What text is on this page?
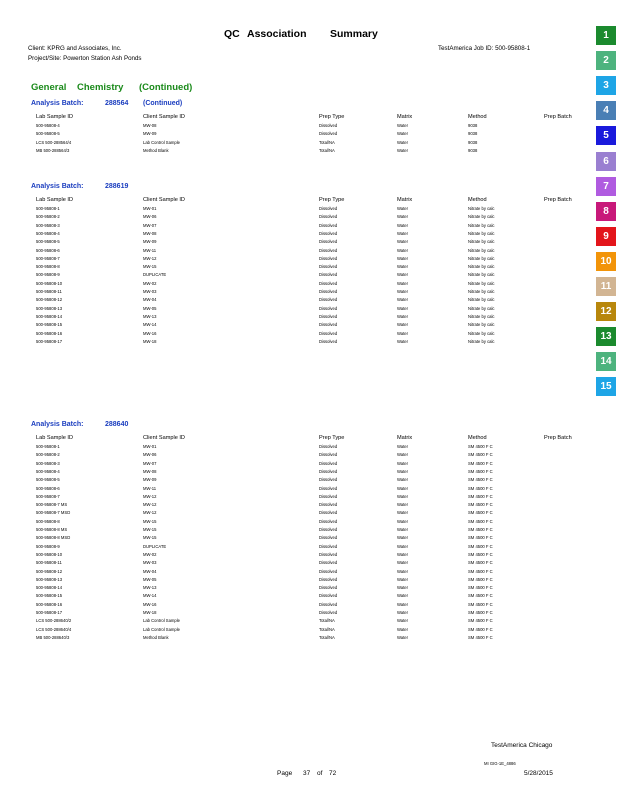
QC Association Summary
Client: KPRG and Associates, Inc.
Project/Site: Powerton Station Ash Ponds
TestAmerica Job ID: 500-95808-1
General Chemistry (Continued)
Analysis Batch:	288564 (Continued)
Lab Sample ID	Client Sample ID	Prep Type	Matrix	Method	Prep Batch
500-95808-4	MW-08	Dissolved	Water	9038
500-95808-5	MW-09	Dissolved	Water	9038
LCS 500-288564/4	Lab Control Sample	Total/NA	Water	9038
MB 500-288564/3	Method Blank	Total/NA	Water	9038
Analysis Batch:	288619
Lab Sample ID	Client Sample ID	Prep Type	Matrix	Method	Prep Batch
500-95808-1	MW-01	Dissolved	Water	Nitrate by calc
500-95808-2	MW-06	Dissolved	Water	Nitrate by calc
500-95808-3	MW-07	Dissolved	Water	Nitrate by calc
500-95808-4	MW-08	Dissolved	Water	Nitrate by calc
500-95808-5	MW-09	Dissolved	Water	Nitrate by calc
500-95808-6	MW-11	Dissolved	Water	Nitrate by calc
500-95808-7	MW-12	Dissolved	Water	Nitrate by calc
500-95808-8	MW-15	Dissolved	Water	Nitrate by calc
500-95808-9	DUPLICATE	Dissolved	Water	Nitrate by calc
500-95808-10	MW-02	Dissolved	Water	Nitrate by calc
500-95808-11	MW-03	Dissolved	Water	Nitrate by calc
500-95808-12	MW-04	Dissolved	Water	Nitrate by calc
500-95808-13	MW-05	Dissolved	Water	Nitrate by calc
500-95808-14	MW-13	Dissolved	Water	Nitrate by calc
500-95808-15	MW-14	Dissolved	Water	Nitrate by calc
500-95808-16	MW-16	Dissolved	Water	Nitrate by calc
500-95808-17	MW-18	Dissolved	Water	Nitrate by calc
Analysis Batch:	288640
Lab Sample ID	Client Sample ID	Prep Type	Matrix	Method	Prep Batch
500-95808-1	MW-01	Dissolved	Water	SM 4500 F C
500-95808-2	MW-06	Dissolved	Water	SM 4500 F C
500-95808-3	MW-07	Dissolved	Water	SM 4500 F C
500-95808-4	MW-08	Dissolved	Water	SM 4500 F C
500-95808-5	MW-09	Dissolved	Water	SM 4500 F C
500-95808-6	MW-11	Dissolved	Water	SM 4500 F C
500-95808-7	MW-12	Dissolved	Water	SM 4500 F C
500-95808-7 MS	MW-12	Dissolved	Water	SM 4500 F C
500-95808-7 MSD	MW-12	Dissolved	Water	SM 4500 F C
500-95808-8	MW-15	Dissolved	Water	SM 4500 F C
500-95808-8 MS	MW-15	Dissolved	Water	SM 4500 F C
500-95808-8 MSD	MW-15	Dissolved	Water	SM 4500 F C
500-95808-9	DUPLICATE	Dissolved	Water	SM 4500 F C
500-95808-10	MW-02	Dissolved	Water	SM 4500 F C
500-95808-11	MW-03	Dissolved	Water	SM 4500 F C
500-95808-12	MW-04	Dissolved	Water	SM 4500 F C
500-95808-13	MW-05	Dissolved	Water	SM 4500 F C
500-95808-14	MW-13	Dissolved	Water	SM 4500 F C
500-95808-15	MW-14	Dissolved	Water	SM 4500 F C
500-95808-16	MW-16	Dissolved	Water	SM 4500 F C
500-95808-17	MW-18	Dissolved	Water	SM 4500 F C
LCS 500-288640/2	Lab Control Sample	Total/NA	Water	SM 4500 F C
LCS 500-288640/4	Lab Control Sample	Total/NA	Water	SM 4500 F C
MB 500-288640/3	Method Blank	Total/NA	Water	SM 4500 F C
1
2
3
4
5
6
7
8
9
10
11
12
13
14
15
TestAmerica Chicago
MI GIG-1E_4886
Page 37 of 72	5/28/2015
